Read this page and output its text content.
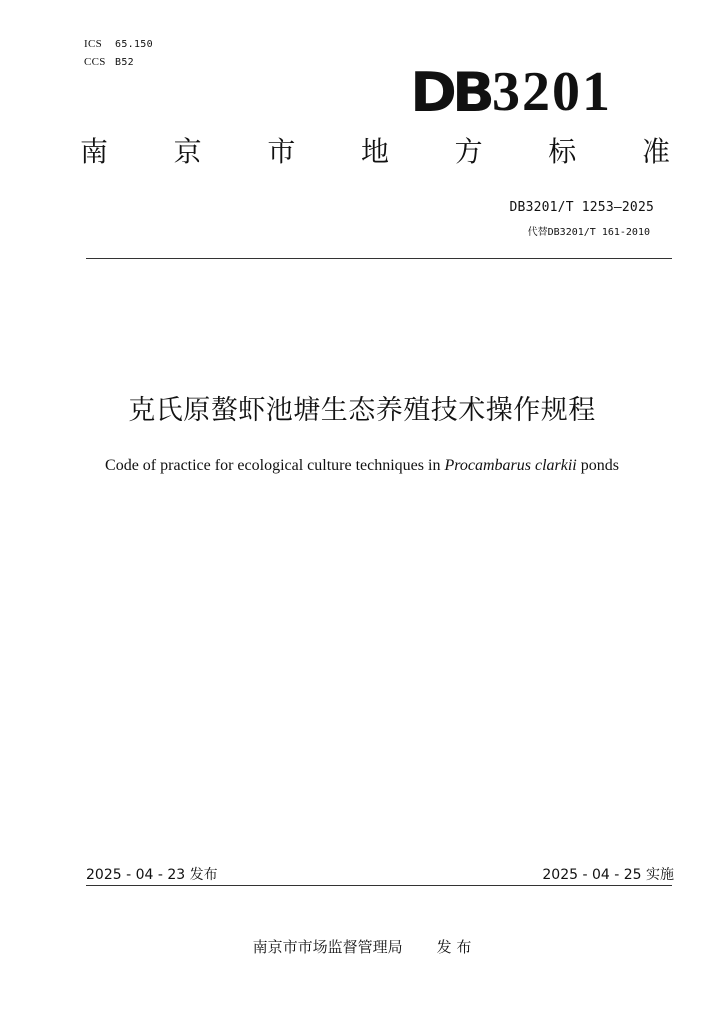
ICS 65.150
CCS B52	DB 3201
南 京 市 地 方 标 准
DB3201/T 1253—2025
代替DB3201/T 161-2010
克氏原螯虾池塘生态养殖技术操作规程
Code of practice for ecological culture techniques in Procambarus clarkii ponds
2025 - 04 - 23 发布	2025 - 04 - 25 实施
南京市市场监督管理局 发 布
